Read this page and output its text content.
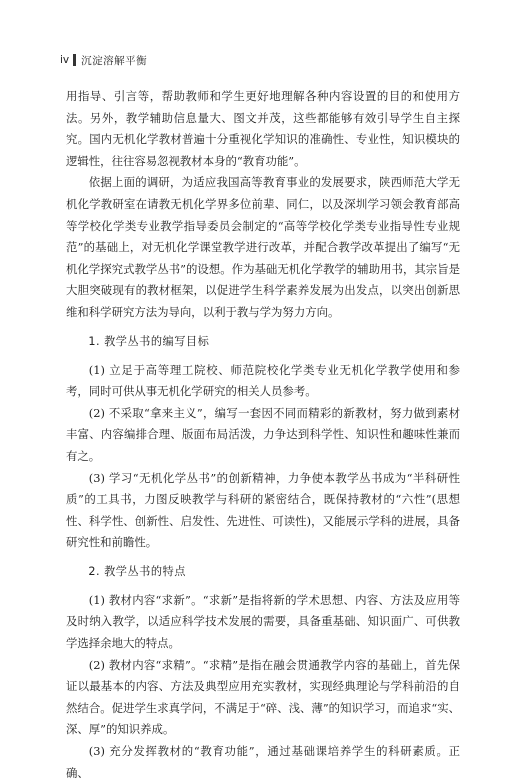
iv 沉淀溶解平衡

用指导、引言等，帮助教师和学生更好地理解各种内容设置的目的和使用方法。另外，教学辅助信息量大、图文并茂，这些都能够有效引导学生自主探究。国内无机化学教材普遍十分重视化学知识的准确性、专业性，知识模块的逻辑性，往往容易忽视教材本身的“教育功能”。

依据上面的调研，为适应我国高等教育事业的发展要求，陕西师范大学无机化学教研室在请教无机化学界多位前辈、同仁，以及深圳学习领会教育部高等学校化学类专业教学指导委员会制定的“高等学校化学类专业指导性专业规范”的基础上，对无机化学课堂教学进行改革，并配合教学改革提出了编写“无机化学探究式教学丛书”的设想。作为基础无机化学教学的辅助用书，其宗旨是大胆突破现有的教材框架，以促进学生科学素养发展为出发点，以突出创新思维和科学研究方法为导向，以利于教与学为努力方向。

1. 教学丛书的编写目标

(1) 立足于高等理工院校、师范院校化学类专业无机化学教学使用和参考，同时可供从事无机化学研究的相关人员参考。

(2) 不采取“拿来主义”，编写一套因不同而精彩的新教材，努力做到素材丰富、内容编排合理、版面布局活泼，力争达到科学性、知识性和趣味性兼而有之。

(3) 学习“无机化学丛书”的创新精神，力争使本教学丛书成为“半科研性质”的工具书，力图反映教学与科研的紧密结合，既保持教材的“六性”(思想性、科学性、创新性、启发性、先进性、可读性)，又能展示学科的进展，具备研究性和前瞻性。

2. 教学丛书的特点

(1) 教材内容“求新”。“求新”是指将新的学术思想、内容、方法及应用等及时纳入教学，以适应科学技术发展的需要，具备重基础、知识面广、可供教学选择余地大的特点。

(2) 教材内容“求精”。“求精”是指在融会贯通教学内容的基础上，首先保证以最基本的内容、方法及典型应用充实教材，实现经典理论与学科前沿的自然结合。促进学生求真学问，不满足于“碎、浅、薄”的知识学习，而追求“实、深、厚”的知识养成。

(3) 充分发挥教材的“教育功能”，通过基础课培养学生的科研素质。正确、
